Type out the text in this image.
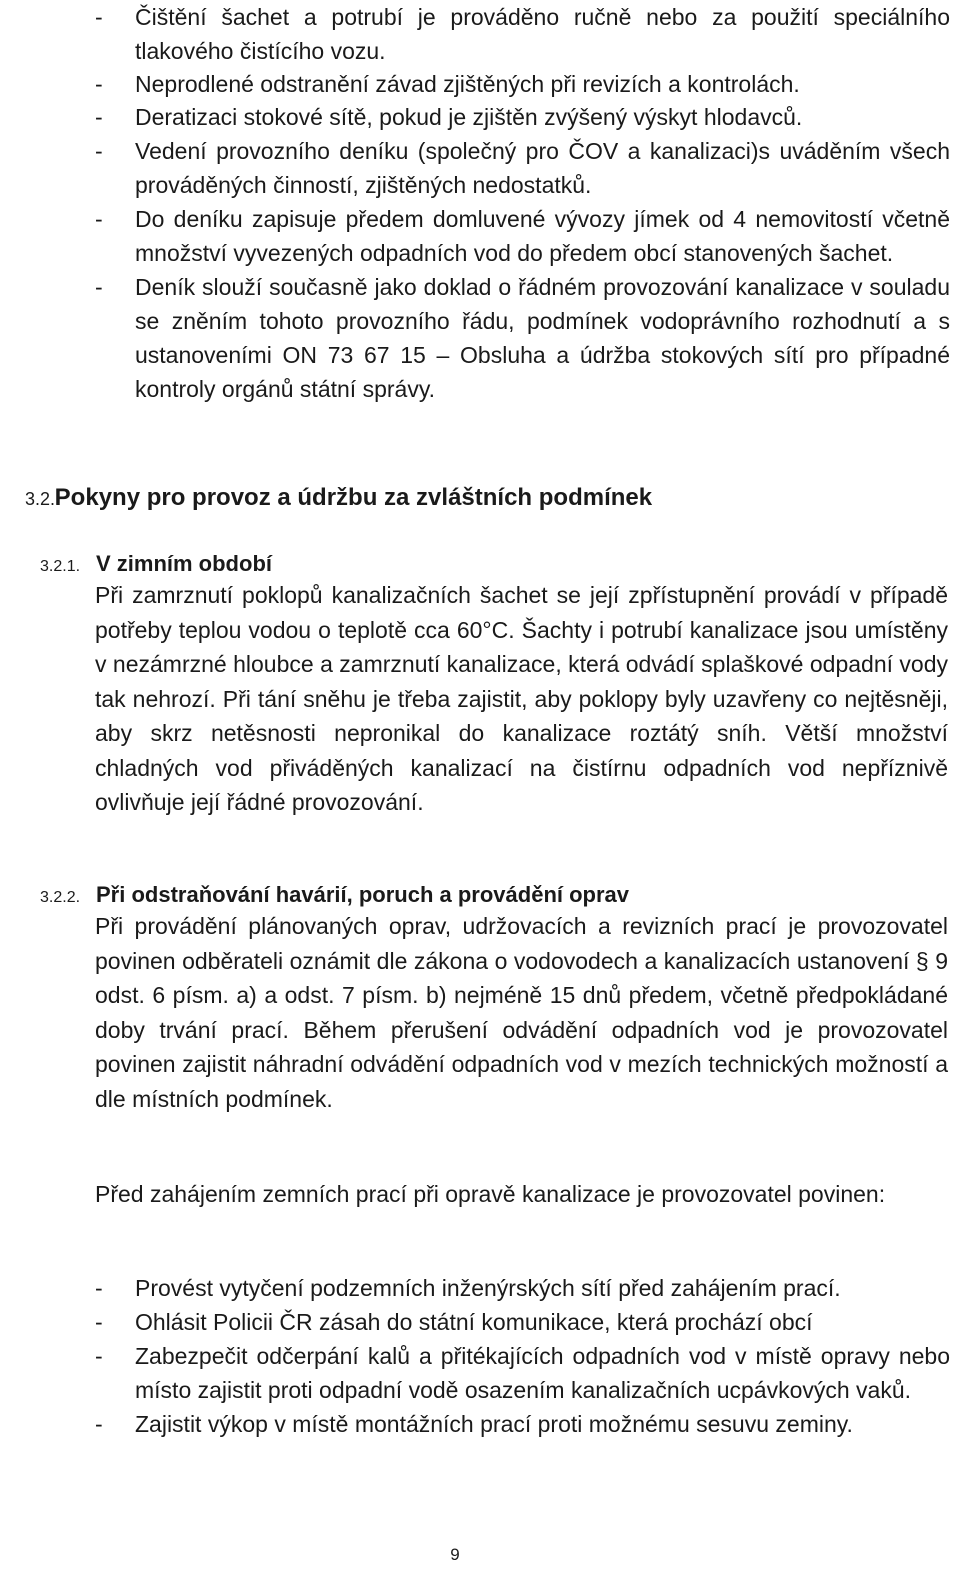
- Čištění šachet a potrubí je prováděno ručně nebo za použití speciálního tlakového čistícího vozu.
- Neprodlené odstranění závad zjištěných při revizích a kontrolách.
- Deratizaci stokové sítě, pokud je zjištěn zvýšený výskyt hlodavců.
- Vedení provozního deníku (společný pro ČOV a kanalizaci)s uváděním všech prováděných činností, zjištěných nedostatků.
- Do deníku zapisuje předem domluvené vývozy jímek od 4 nemovitostí včetně množství vyvezených odpadních vod do předem obcí stanovených šachet.
- Deník slouží současně jako doklad o řádném provozování kanalizace v souladu se zněním tohoto provozního řádu, podmínek vodoprávního rozhodnutí a s ustanoveními ON 73 67 15 – Obsluha a údržba stokových sítí pro případné kontroly orgánů státní správy.
3.2. Pokyny pro provoz a údržbu za zvláštních podmínek
3.2.1. V zimním období

Při zamrznutí poklopů kanalizačních šachet se její zpřístupnění provádí v případě potřeby teplou vodou o teplotě cca 60°C. Šachty i potrubí kanalizace jsou umístěny v nezámrzné hloubce a zamrznutí kanalizace, která odvádí splaškové odpadní vody tak nehrozí. Při tání sněhu je třeba zajistit, aby poklopy byly uzavřeny co nejtěsněji, aby skrz netěsnosti nepronikal do kanalizace roztátý sníh. Větší množství chladných vod přiváděných kanalizací na čistírnu odpadních vod nepříznivě ovlivňuje její řádné provozování.

3.2.2. Při odstraňování havárií, poruch a provádění oprav

Při provádění plánovaných oprav, udržovacích a revizních prací je provozovatel povinen odběrateli oznámit dle zákona o vodovodech a kanalizacích ustanovení § 9 odst. 6 písm. a) a odst. 7 písm. b) nejméně 15 dnů předem, včetně předpokládané doby trvání prací. Během přerušení odvádění odpadních vod je provozovatel povinen zajistit náhradní odvádění odpadních vod v mezích technických možností a dle místních podmínek.

Před zahájením zemních prací při opravě kanalizace je provozovatel povinen:

- Provést vytyčení podzemních inženýrských sítí před zahájením prací.
- Ohlásit Policii ČR zásah do státní komunikace, která prochází obcí
- Zabezpečit odčerpání kalů a přitékajících odpadních vod v místě opravy nebo místo zajistit proti odpadní vodě osazením kanalizačních ucpávkových vaků.
- Zajistit výkop v místě montážních prací proti možnému sesuvu zeminy.
9
